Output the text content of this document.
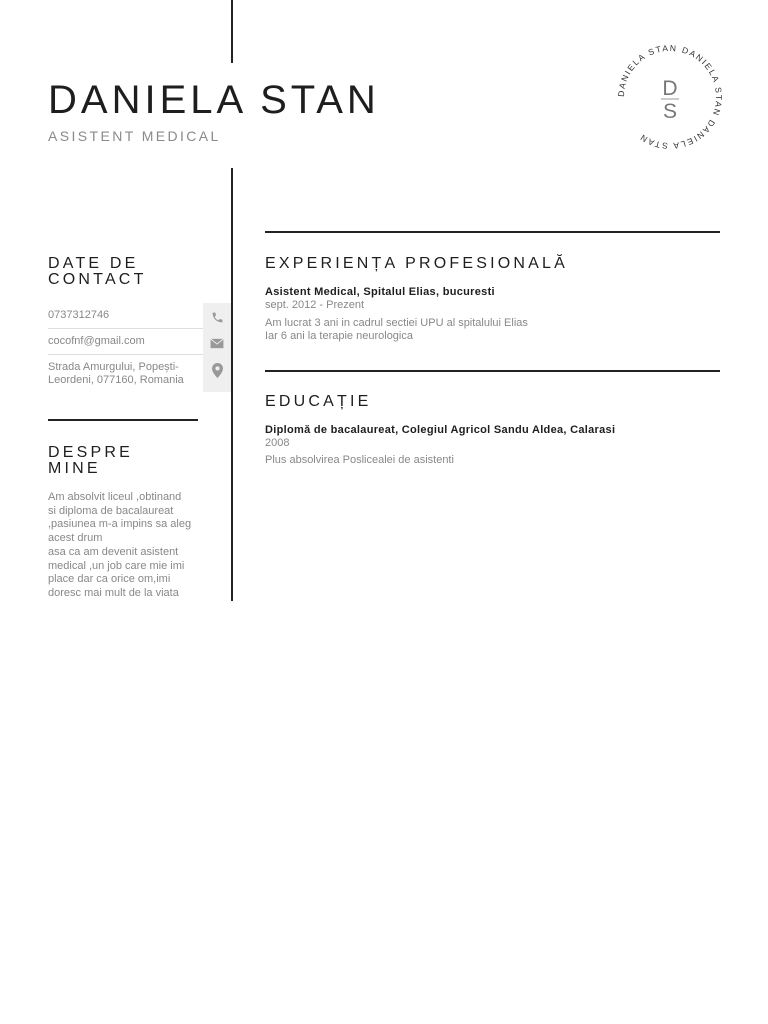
DANIELA STAN
ASISTENT MEDICAL
DANIELA STAN DANIELA STAN DANIELA STAN
D
S
DATE DE
CONTACT
0737312746
cocofnf@gmail.com
Strada Amurgului, Popești-
Leordeni, 077160, Romania
DESPRE
MINE
Am absolvit liceul ,obtinand
si diploma de bacalaureat
,pasiunea m-a impins sa aleg
acest drum
asa ca am devenit asistent
medical ,un job care mie imi
place dar ca orice om,imi
doresc mai mult de la viata
EXPERIENȚA PROFESIONALĂ
Asistent Medical, Spitalul Elias, bucuresti
sept. 2012 - Prezent
Am lucrat 3 ani in cadrul sectiei UPU al spitalului Elias
Iar 6 ani la terapie neurologica
EDUCAȚIE
Diplomă de bacalaureat, Colegiul Agricol Sandu Aldea, Calarasi
2008
Plus absolvirea Poslicealei de asistenti
